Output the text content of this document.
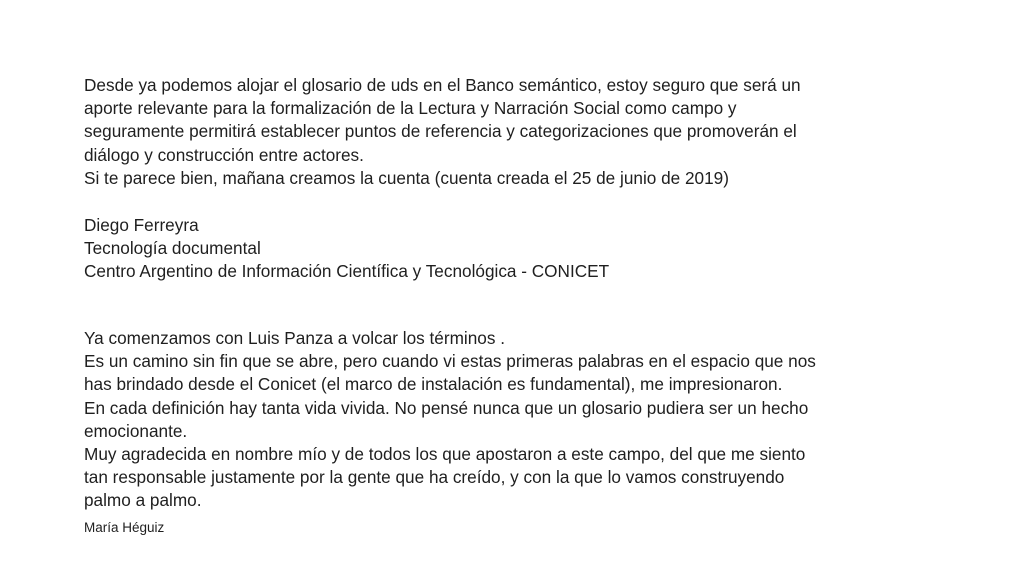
Desde ya podemos alojar el glosario de uds en el Banco semántico, estoy seguro que será un

aporte relevante para la formalización de la Lectura y Narración Social como campo y

seguramente permitirá establecer puntos de referencia y categorizaciones que promoverán el

diálogo y construcción entre actores.

Si te parece bien, mañana creamos la cuenta (cuenta creada el 25 de junio de 2019)

Diego Ferreyra

Tecnología documental

Centro Argentino de Información Científica y Tecnológica - CONICET

Ya comenzamos con Luis Panza a volcar los términos .

Es un camino sin fin que se abre, pero cuando vi estas primeras palabras en el espacio que nos

has brindado desde el Conicet (el marco de instalación es fundamental), me impresionaron.

En cada definición hay tanta vida vivida. No pensé nunca que un glosario pudiera ser un hecho

emocionante.

Muy agradecida en nombre mío y de todos los que apostaron a este campo, del que me siento

tan responsable justamente por la gente que ha creído, y con la que lo vamos construyendo

palmo a palmo.

María Héguiz
